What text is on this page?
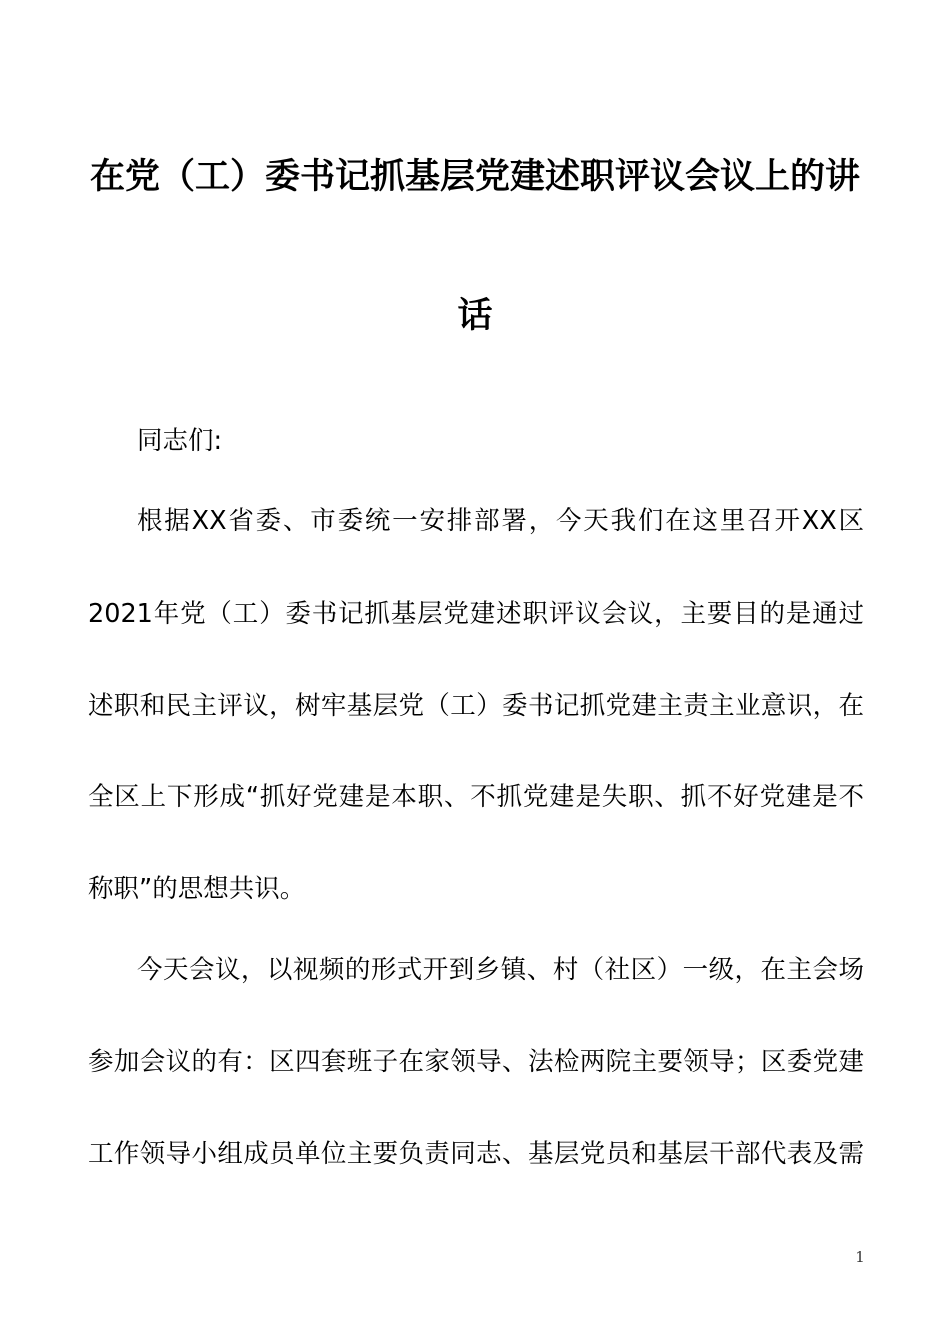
在党（工）委书记抓基层党建述职评议会议上的讲
话
同志们:
根据XX省委、市委统一安排部署，今天我们在这里召开XX区
2021年党（工）委书记抓基层党建述职评议会议，主要目的是通过
述职和民主评议，树牢基层党（工）委书记抓党建主责主业意识，在
全区上下形成“抓好党建是本职、不抓党建是失职、抓不好党建是不
称职”的思想共识。
今天会议，以视频的形式开到乡镇、村（社区）一级，在主会场
参加会议的有：区四套班子在家领导、法检两院主要领导；区委党建
工作领导小组成员单位主要负责同志、基层党员和基层干部代表及需
1
